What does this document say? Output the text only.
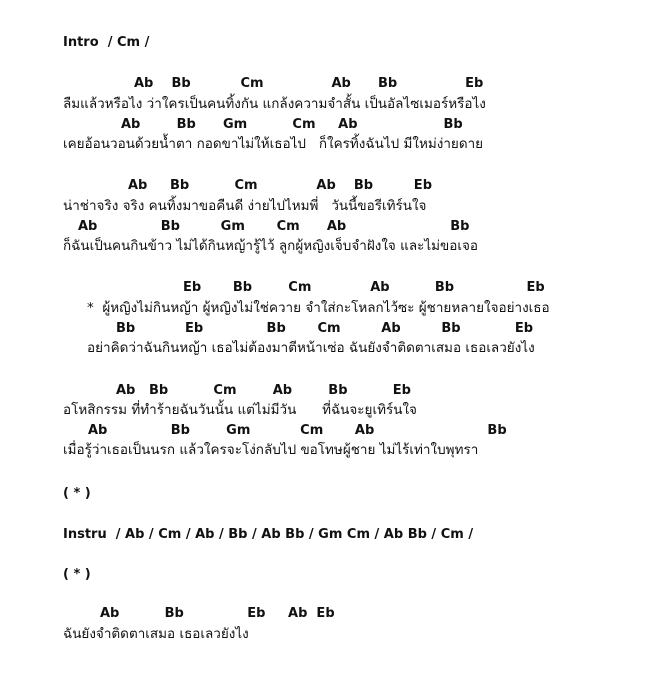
Intro  / Cm /

Ab    Bb           Cm               Ab      Bb               Eb

ลืมแล้วหรือไง ว่าใครเป็นคนทิ้งกัน แกล้งความจำสั้น เป็นอัลไซเมอร์หรือไง

Ab        Bb      Gm          Cm     Ab                   Bb

เคยอ้อนวอนด้วยน้ำตา กอดขาไม่ให้เธอไป   ก็ใครทิ้งฉันไป มีใหม่ง่ายดาย

Ab     Bb          Cm             Ab    Bb         Eb

น่าช่าจริง จริง คนทิ้งมาขอคืนดี ง่ายไปไหมพี่   วันนี้ขอรีเทิร์นใจ

Ab              Bb         Gm       Cm      Ab                       Bb

ก็ฉันเป็นคนกินข้าว ไม่ได้กินหญ้ารู้ไว้ ลูกผู้หญิงเจ็บจำฝังใจ และไม่ขอเจอ

Eb       Bb        Cm             Ab          Bb                Eb

*  ผู้หญิงไม่กินหญ้า ผู้หญิงไม่ใช่ควาย จำใส่กะโหลกไว้ซะ ผู้ชายหลายใจอย่างเธอ

Bb           Eb              Bb       Cm         Ab         Bb            Eb

อย่าคิดว่าฉันกินหญ้า เธอไม่ต้องมาตีหน้าเซ่อ ฉันยังจำติดตาเสมอ เธอเลวยังไง

Ab   Bb          Cm        Ab        Bb          Eb

อโหสิกรรม ที่ทำร้ายฉันวันนั้น แต่ไม่มีวัน      ที่ฉันจะยูเทิร์นใจ

Ab              Bb        Gm           Cm       Ab                         Bb

เมื่อรู้ว่าเธอเป็นนรก แล้วใครจะโง่กลับไป ขอโทษผู้ชาย ไม่ไร้เท่าใบพุทรา

( * )

Instru  / Ab / Cm / Ab / Bb / Ab Bb / Gm Cm / Ab Bb / Cm /

( * )

Ab          Bb              Eb     Ab  Eb

ฉันยังจำติดตาเสมอ เธอเลวยังไง
